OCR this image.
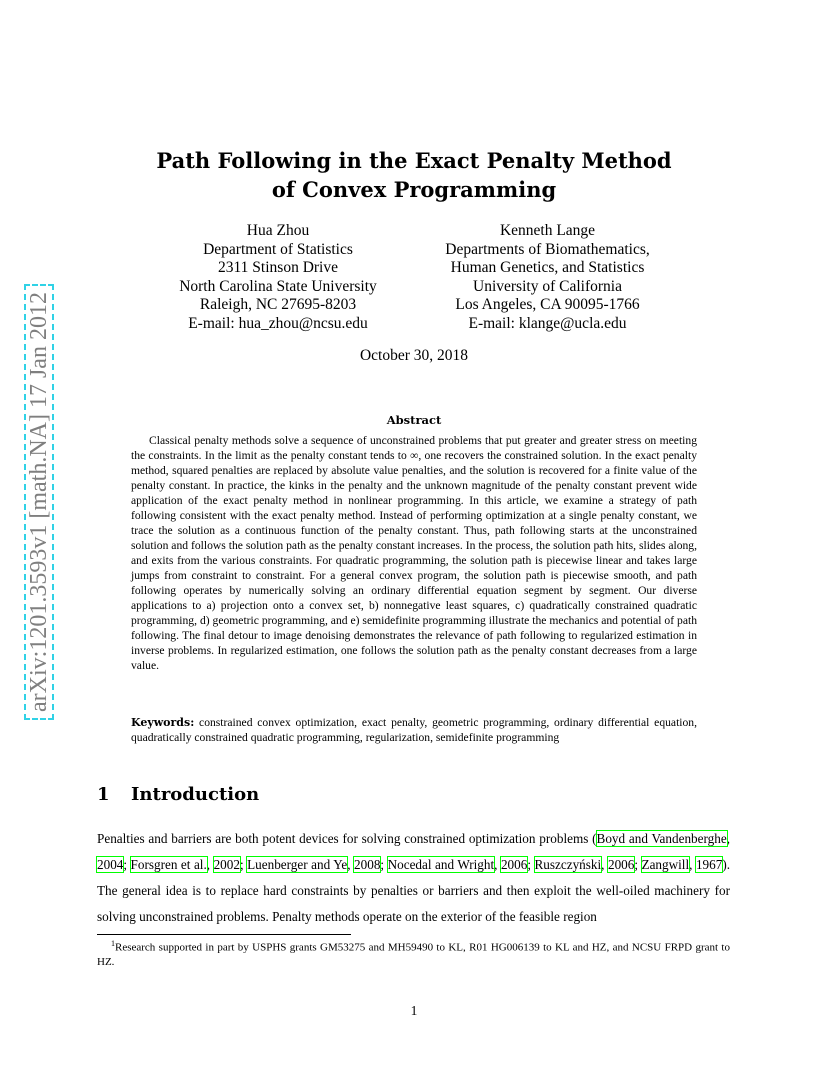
arXiv:1201.3593v1 [math.NA] 17 Jan 2012
Path Following in the Exact Penalty Method
of Convex Programming
Hua Zhou
Department of Statistics
2311 Stinson Drive
North Carolina State University
Raleigh, NC 27695-8203
E-mail: hua_zhou@ncsu.edu
Kenneth Lange
Departments of Biomathematics,
Human Genetics, and Statistics
University of California
Los Angeles, CA 90095-1766
E-mail: klange@ucla.edu
October 30, 2018
Abstract

Classical penalty methods solve a sequence of unconstrained problems that put greater and greater stress on meeting the constraints. In the limit as the penalty constant tends to ∞, one recovers the constrained solution. In the exact penalty method, squared penalties are replaced by absolute value penalties, and the solution is recovered for a finite value of the penalty constant. In practice, the kinks in the penalty and the unknown magnitude of the penalty constant prevent wide application of the exact penalty method in nonlinear programming. In this article, we examine a strategy of path following consistent with the exact penalty method. Instead of performing optimization at a single penalty constant, we trace the solution as a continuous function of the penalty constant. Thus, path following starts at the unconstrained solution and follows the solution path as the penalty constant increases. In the process, the solution path hits, slides along, and exits from the various constraints. For quadratic programming, the solution path is piecewise linear and takes large jumps from constraint to constraint. For a general convex program, the solution path is piecewise smooth, and path following operates by numerically solving an ordinary differential equation segment by segment. Our diverse applications to a) projection onto a convex set, b) nonnegative least squares, c) quadratically constrained quadratic programming, d) geometric programming, and e) semidefinite programming illustrate the mechanics and potential of path following. The final detour to image denoising demonstrates the relevance of path following to regularized estimation in inverse problems. In regularized estimation, one follows the solution path as the penalty constant decreases from a large value.

Keywords: constrained convex optimization, exact penalty, geometric programming, ordinary differential equation, quadratically constrained quadratic programming, regularization, semidefinite programming

1 Introduction

Penalties and barriers are both potent devices for solving constrained optimization problems (Boyd and Vandenberghe, 2004; Forsgren et al., 2002; Luenberger and Ye, 2008; Nocedal and Wright, 2006; Ruszczyński, 2006; Zangwill, 1967). The general idea is to replace hard constraints by penalties or barriers and then exploit the well-oiled machinery for solving unconstrained problems. Penalty methods operate on the exterior of the feasible region

$^1$Research supported in part by USPHS grants GM53275 and MH59490 to KL, R01 HG006139 to KL and HZ, and NCSU FRPD grant to HZ.

1
